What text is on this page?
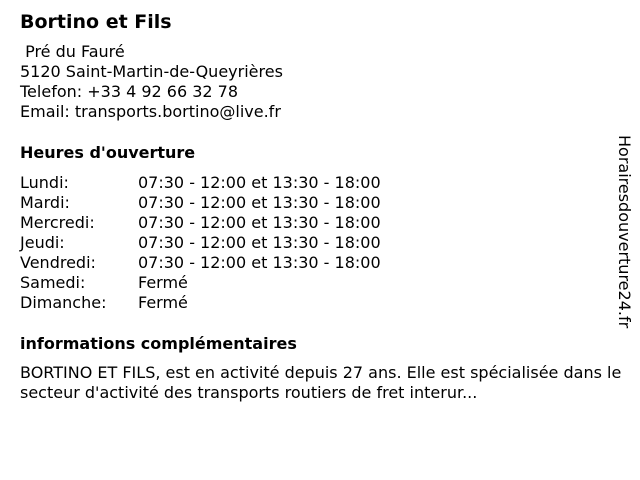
Bortino et Fils
Pré du Fauré
5120 Saint-Martin-de-Queyrières
Telefon: +33 4 92 66 32 78
Email: transports.bortino@live.fr
Heures d'ouverture
Lundi:	07:30 - 12:00 et 13:30 - 18:00
Mardi:	07:30 - 12:00 et 13:30 - 18:00
Mercredi:	07:30 - 12:00 et 13:30 - 18:00
Jeudi:	07:30 - 12:00 et 13:30 - 18:00
Vendredi:	07:30 - 12:00 et 13:30 - 18:00
Samedi:	Fermé
Dimanche:	Fermé
informations complémentaires
BORTINO ET FILS, est en activité depuis 27 ans. Elle est spécialisée dans le secteur d'activité des transports routiers de fret interur...
Horairesdouverture24.fr
